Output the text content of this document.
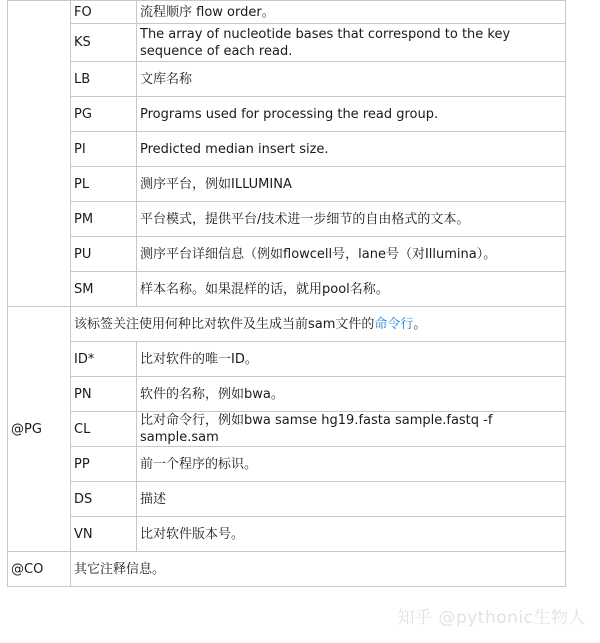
	FO	流程顺序 flow order。
	KS	The array of nucleotide bases that correspond to the key sequence of each read.
	LB	文库名称
	PG	Programs used for processing the read group.
	PI	Predicted median insert size.
	PL	测序平台，例如ILLUMINA
	PM	平台模式，提供平台/技术进一步细节的自由格式的文本。
	PU	测序平台详细信息（例如flowcell号，lane号（对Illumina）。
	SM	样本名称。如果混样的话，就用pool名称。
@PG	该标签关注使用何种比对软件及生成当前sam文件的命令行。	
	ID*	比对软件的唯一ID。
	PN	软件的名称，例如bwa。
	CL	比对命令行，例如bwa samse hg19.fasta sample.fastq -f sample.sam
	PP	前一个程序的标识。
	DS	描述
	VN	比对软件版本号。
@CO	其它注释信息。	
知乎 @pythonic生物人
